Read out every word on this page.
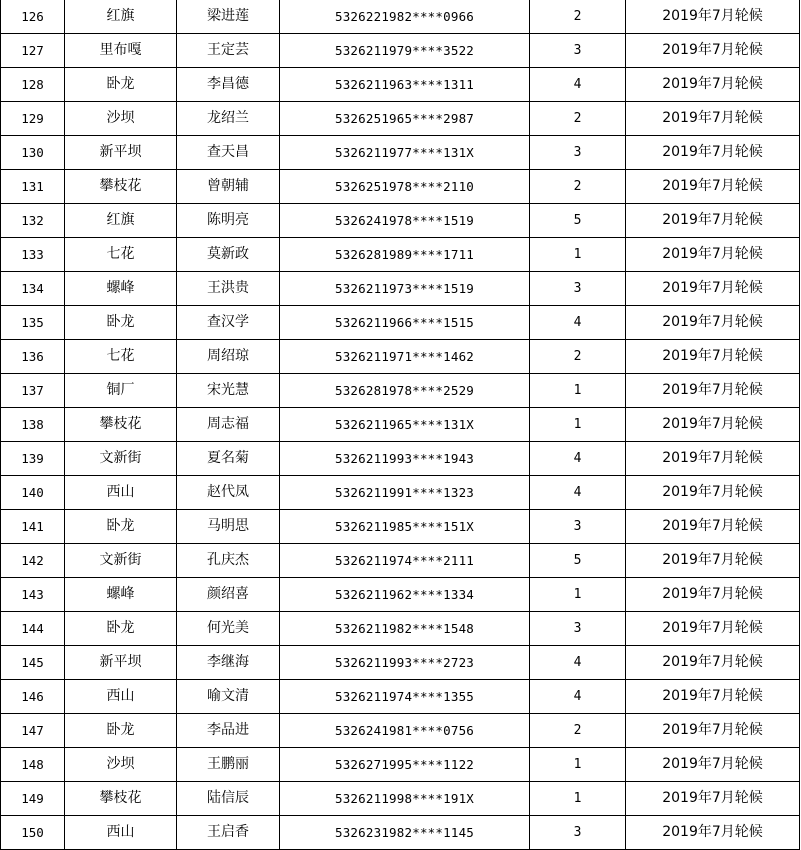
126	红旗	梁进莲	5326221982****0966	2	2019年7月轮候
127	里布嘎	王定芸	5326211979****3522	3	2019年7月轮候
128	卧龙	李昌德	5326211963****1311	4	2019年7月轮候
129	沙坝	龙绍兰	5326251965****2987	2	2019年7月轮候
130	新平坝	查天昌	5326211977****131X	3	2019年7月轮候
131	攀枝花	曾朝辅	5326251978****2110	2	2019年7月轮候
132	红旗	陈明亮	5326241978****1519	5	2019年7月轮候
133	七花	莫新政	5326281989****1711	1	2019年7月轮候
134	螺峰	王洪贵	5326211973****1519	3	2019年7月轮候
135	卧龙	查汉学	5326211966****1515	4	2019年7月轮候
136	七花	周绍琼	5326211971****1462	2	2019年7月轮候
137	铜厂	宋光慧	5326281978****2529	1	2019年7月轮候
138	攀枝花	周志福	5326211965****131X	1	2019年7月轮候
139	文新街	夏名菊	5326211993****1943	4	2019年7月轮候
140	西山	赵代凤	5326211991****1323	4	2019年7月轮候
141	卧龙	马明思	5326211985****151X	3	2019年7月轮候
142	文新街	孔庆杰	5326211974****2111	5	2019年7月轮候
143	螺峰	颜绍喜	5326211962****1334	1	2019年7月轮候
144	卧龙	何光美	5326211982****1548	3	2019年7月轮候
145	新平坝	李继海	5326211993****2723	4	2019年7月轮候
146	西山	喻文清	5326211974****1355	4	2019年7月轮候
147	卧龙	李品进	5326241981****0756	2	2019年7月轮候
148	沙坝	王鹏丽	5326271995****1122	1	2019年7月轮候
149	攀枝花	陆信辰	5326211998****191X	1	2019年7月轮候
150	西山	王启香	5326231982****1145	3	2019年7月轮候
